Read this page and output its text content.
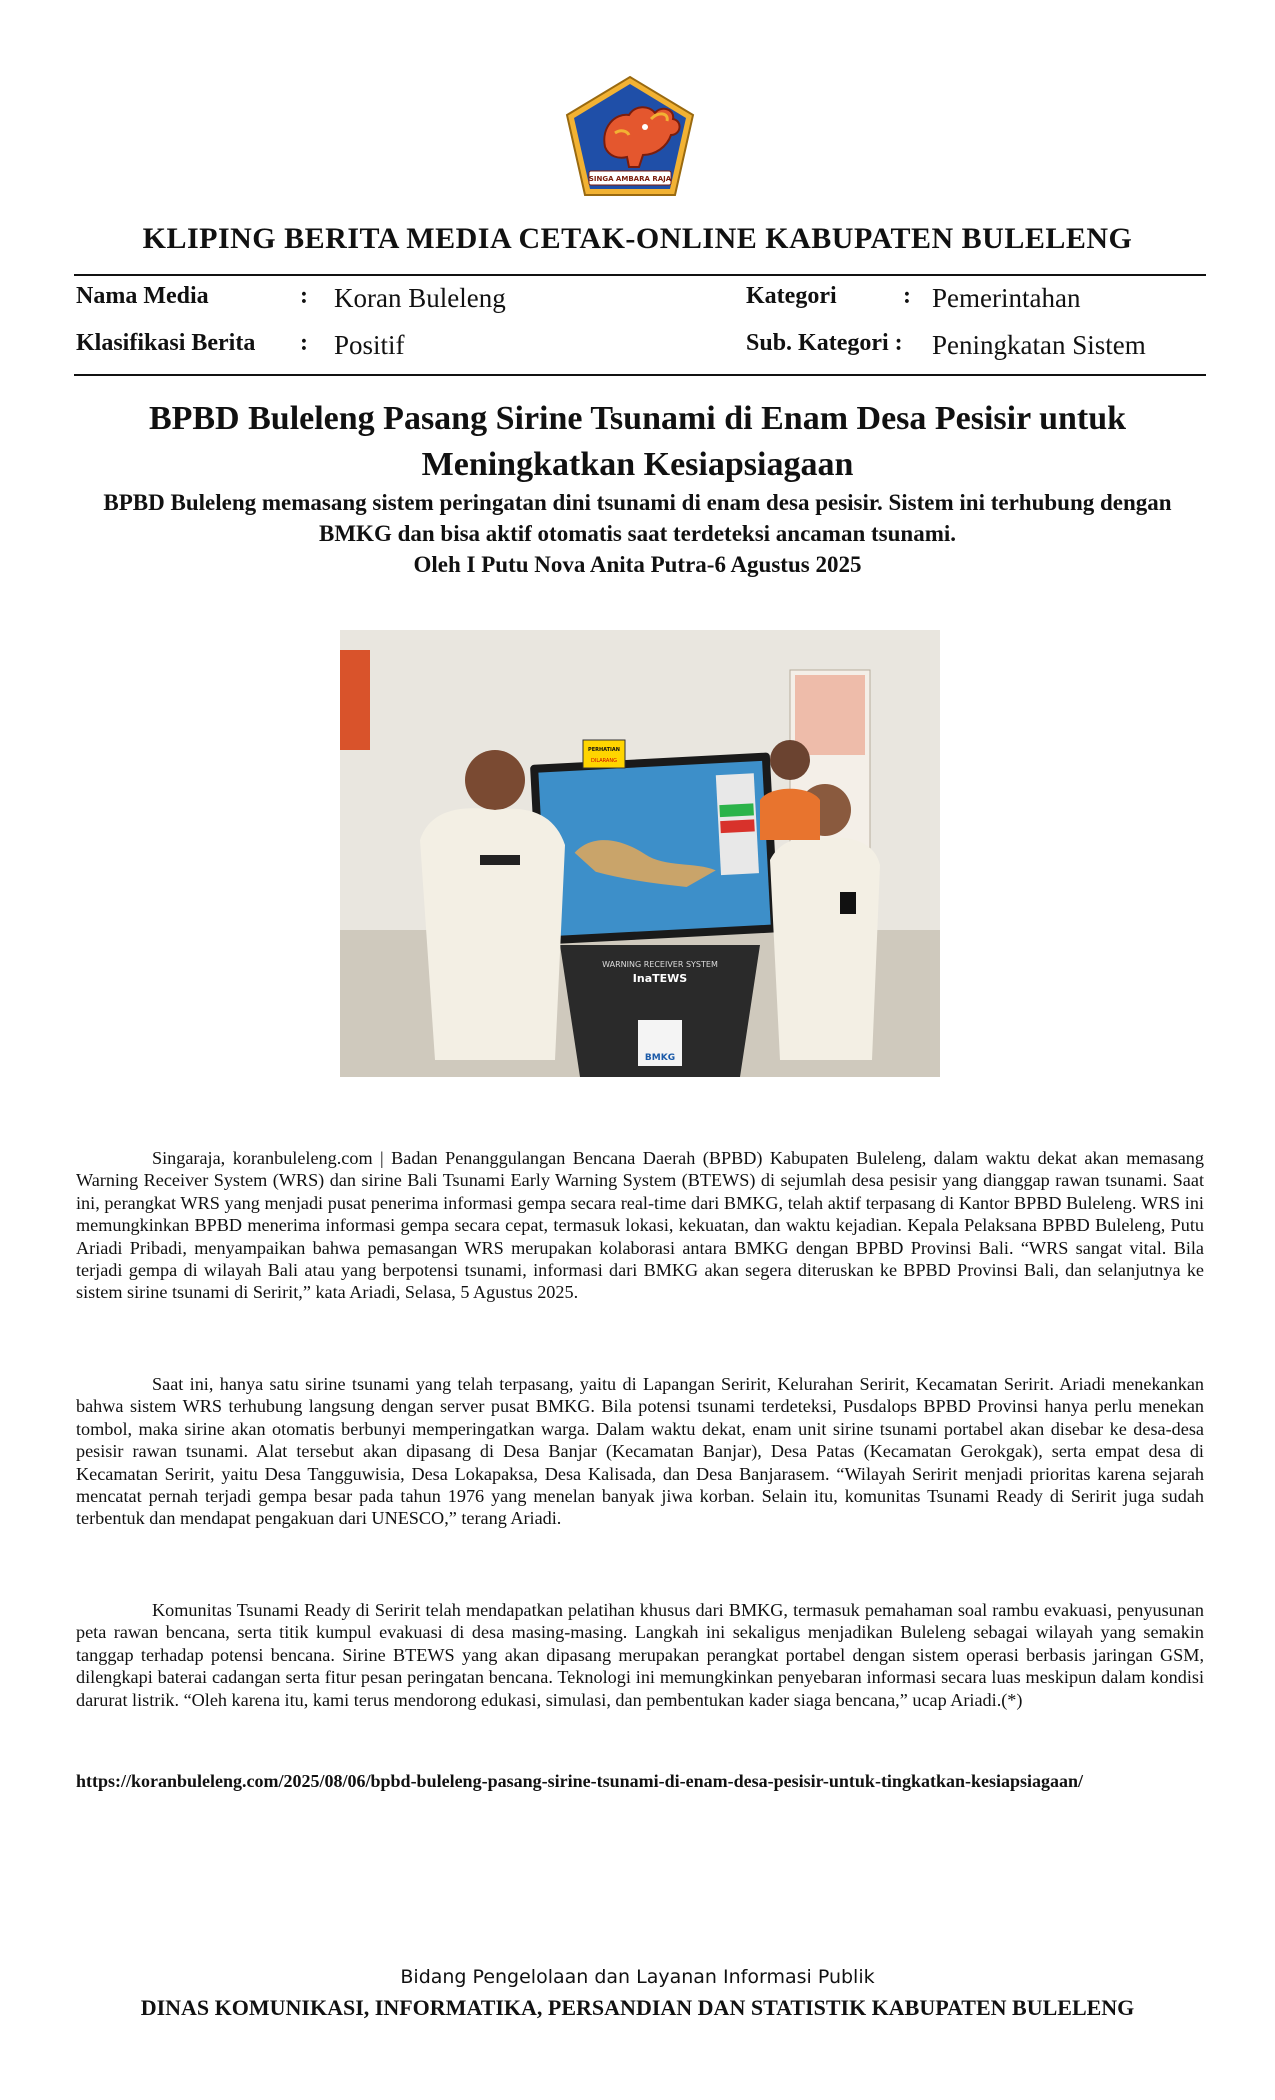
SINGA AMBARA RAJA
KLIPING BERITA MEDIA CETAK-ONLINE KABUPATEN BULELENG
Nama Media	: Koran Buleleng	Kategori	: Pemerintahan
Klasifikasi Berita : Positif	Sub. Kategori : Peningkatan Sistem
BPBD Buleleng Pasang Sirine Tsunami di Enam Desa Pesisir untuk Meningkatkan Kesiapsiagaan
BPBD Buleleng memasang sistem peringatan dini tsunami di enam desa pesisir. Sistem ini terhubung dengan BMKG dan bisa aktif otomatis saat terdeteksi ancaman tsunami.
Oleh I Putu Nova Anita Putra-6 Agustus 2025
PERHATIAN
DILARANG
WARNING RECEIVER SYSTEM
InaTEWS
BMKG
Singaraja, koranbuleleng.com | Badan Penanggulangan Bencana Daerah (BPBD) Kabupaten Buleleng, dalam waktu dekat akan memasang Warning Receiver System (WRS) dan sirine Bali Tsunami Early Warning System (BTEWS) di sejumlah desa pesisir yang dianggap rawan tsunami. Saat ini, perangkat WRS yang menjadi pusat penerima informasi gempa secara real-time dari BMKG, telah aktif terpasang di Kantor BPBD Buleleng. WRS ini memungkinkan BPBD menerima informasi gempa secara cepat, termasuk lokasi, kekuatan, dan waktu kejadian. Kepala Pelaksana BPBD Buleleng, Putu Ariadi Pribadi, menyampaikan bahwa pemasangan WRS merupakan kolaborasi antara BMKG dengan BPBD Provinsi Bali. “WRS sangat vital. Bila terjadi gempa di wilayah Bali atau yang berpotensi tsunami, informasi dari BMKG akan segera diteruskan ke BPBD Provinsi Bali, dan selanjutnya ke sistem sirine tsunami di Seririt,” kata Ariadi, Selasa, 5 Agustus 2025.
Saat ini, hanya satu sirine tsunami yang telah terpasang, yaitu di Lapangan Seririt, Kelurahan Seririt, Kecamatan Seririt. Ariadi menekankan bahwa sistem WRS terhubung langsung dengan server pusat BMKG. Bila potensi tsunami terdeteksi, Pusdalops BPBD Provinsi hanya perlu menekan tombol, maka sirine akan otomatis berbunyi memperingatkan warga. Dalam waktu dekat, enam unit sirine tsunami portabel akan disebar ke desa-desa pesisir rawan tsunami. Alat tersebut akan dipasang di Desa Banjar (Kecamatan Banjar), Desa Patas (Kecamatan Gerokgak), serta empat desa di Kecamatan Seririt, yaitu Desa Tangguwisia, Desa Lokapaksa, Desa Kalisada, dan Desa Banjarasem. “Wilayah Seririt menjadi prioritas karena sejarah mencatat pernah terjadi gempa besar pada tahun 1976 yang menelan banyak jiwa korban. Selain itu, komunitas Tsunami Ready di Seririt juga sudah terbentuk dan mendapat pengakuan dari UNESCO,” terang Ariadi.
Komunitas Tsunami Ready di Seririt telah mendapatkan pelatihan khusus dari BMKG, termasuk pemahaman soal rambu evakuasi, penyusunan peta rawan bencana, serta titik kumpul evakuasi di desa masing-masing. Langkah ini sekaligus menjadikan Buleleng sebagai wilayah yang semakin tanggap terhadap potensi bencana. Sirine BTEWS yang akan dipasang merupakan perangkat portabel dengan sistem operasi berbasis jaringan GSM, dilengkapi baterai cadangan serta fitur pesan peringatan bencana. Teknologi ini memungkinkan penyebaran informasi secara luas meskipun dalam kondisi darurat listrik. “Oleh karena itu, kami terus mendorong edukasi, simulasi, dan pembentukan kader siaga bencana,” ucap Ariadi.(*)
https://koranbuleleng.com/2025/08/06/bpbd-buleleng-pasang-sirine-tsunami-di-enam-desa-pesisir-untuk-tingkatkan-kesiapsiagaan/
Bidang Pengelolaan dan Layanan Informasi Publik
DINAS KOMUNIKASI, INFORMATIKA, PERSANDIAN DAN STATISTIK KABUPATEN BULELENG
